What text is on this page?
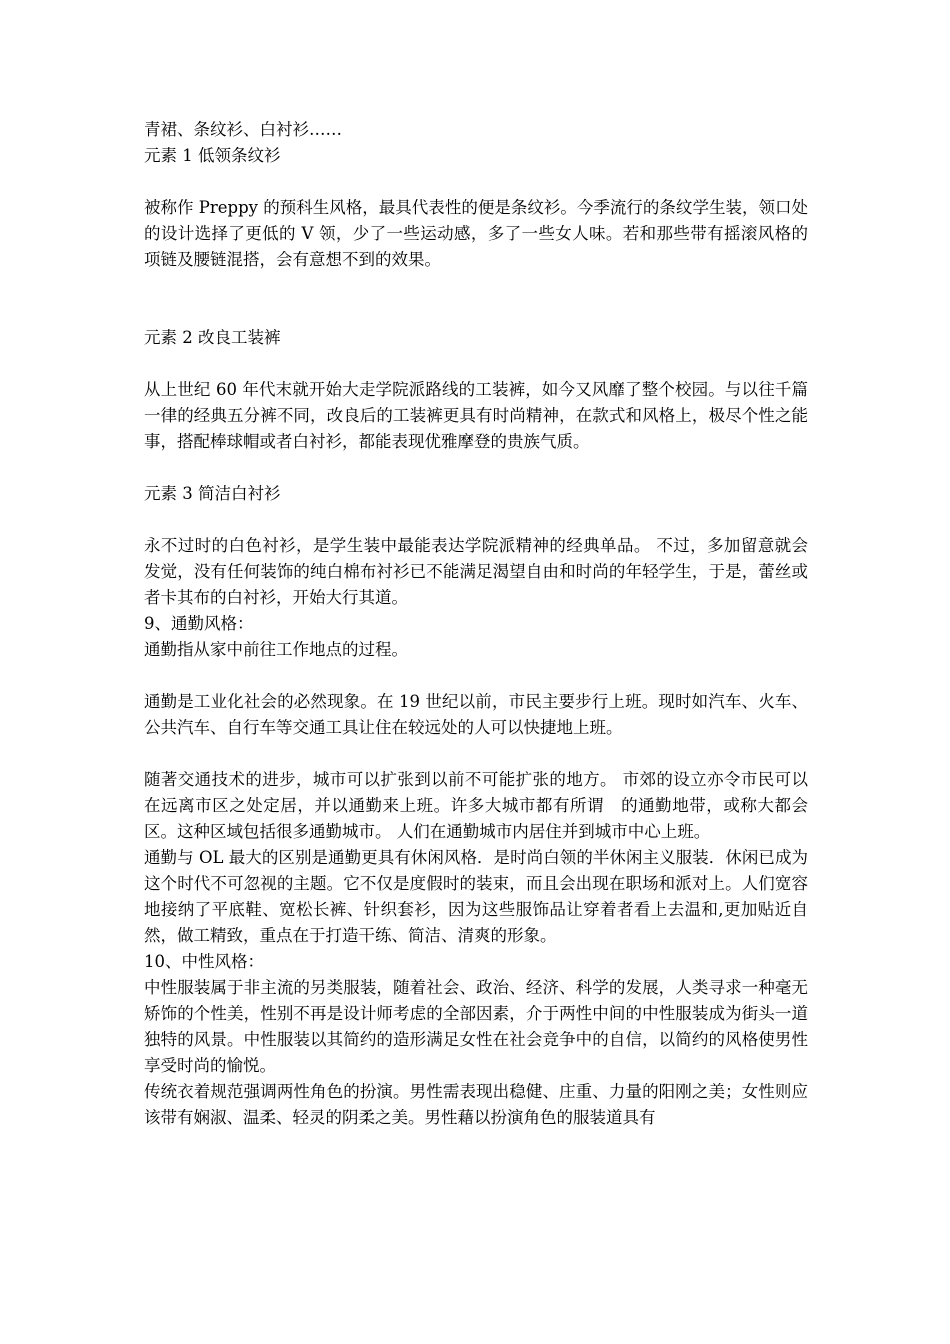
青裙、条纹衫、白衬衫……

元素 1 低领条纹衫

被称作 Preppy 的预科生风格，最具代表性的便是条纹衫。今季流行的条纹学生装，领口处的设计选择了更低的 V 领，少了一些运动感，多了一些女人味。若和那些带有摇滚风格的项链及腰链混搭，会有意想不到的效果。

元素 2 改良工装裤

从上世纪 60 年代末就开始大走学院派路线的工装裤，如今又风靡了整个校园。与以往千篇一律的经典五分裤不同，改良后的工装裤更具有时尚精神，在款式和风格上，极尽个性之能事，搭配棒球帽或者白衬衫，都能表现优雅摩登的贵族气质。

元素 3 简洁白衬衫

永不过时的白色衬衫，是学生装中最能表达学院派精神的经典单品。 不过，多加留意就会发觉，没有任何装饰的纯白棉布衬衫已不能满足渴望自由和时尚的年轻学生，于是，蕾丝或者卡其布的白衬衫，开始大行其道。

9、通勤风格：

通勤指从家中前往工作地点的过程。

通勤是工业化社会的必然现象。在 19 世纪以前，市民主要步行上班。现时如汽车、火车、公共汽车、自行车等交通工具让住在较远处的人可以快捷地上班。

随著交通技术的进步，城市可以扩张到以前不可能扩张的地方。 市郊的设立亦令市民可以在远离市区之处定居，并以通勤来上班。许多大城市都有所谓　的通勤地带，或称大都会区。这种区域包括很多通勤城市。 人们在通勤城市内居住并到城市中心上班。

通勤与 OL 最大的区别是通勤更具有休闲风格．是时尚白领的半休闲主义服装．休闲已成为这个时代不可忽视的主题。它不仅是度假时的装束，而且会出现在职场和派对上。人们宽容地接纳了平底鞋、宽松长裤、针织套衫，因为这些服饰品让穿着者看上去温和,更加贴近自然，做工精致，重点在于打造干练、简洁、清爽的形象。

10、中性风格：

中性服装属于非主流的另类服装，随着社会、政治、经济、科学的发展，人类寻求一种毫无矫饰的个性美，性别不再是设计师考虑的全部因素，介于两性中间的中性服装成为街头一道独特的风景。中性服装以其简约的造形满足女性在社会竞争中的自信，以简约的风格使男性享受时尚的愉悦。

传统衣着规范强调两性角色的扮演。男性需表现出稳健、庄重、力量的阳刚之美；女性则应该带有娴淑、温柔、轻灵的阴柔之美。男性藉以扮演角色的服装道具有
